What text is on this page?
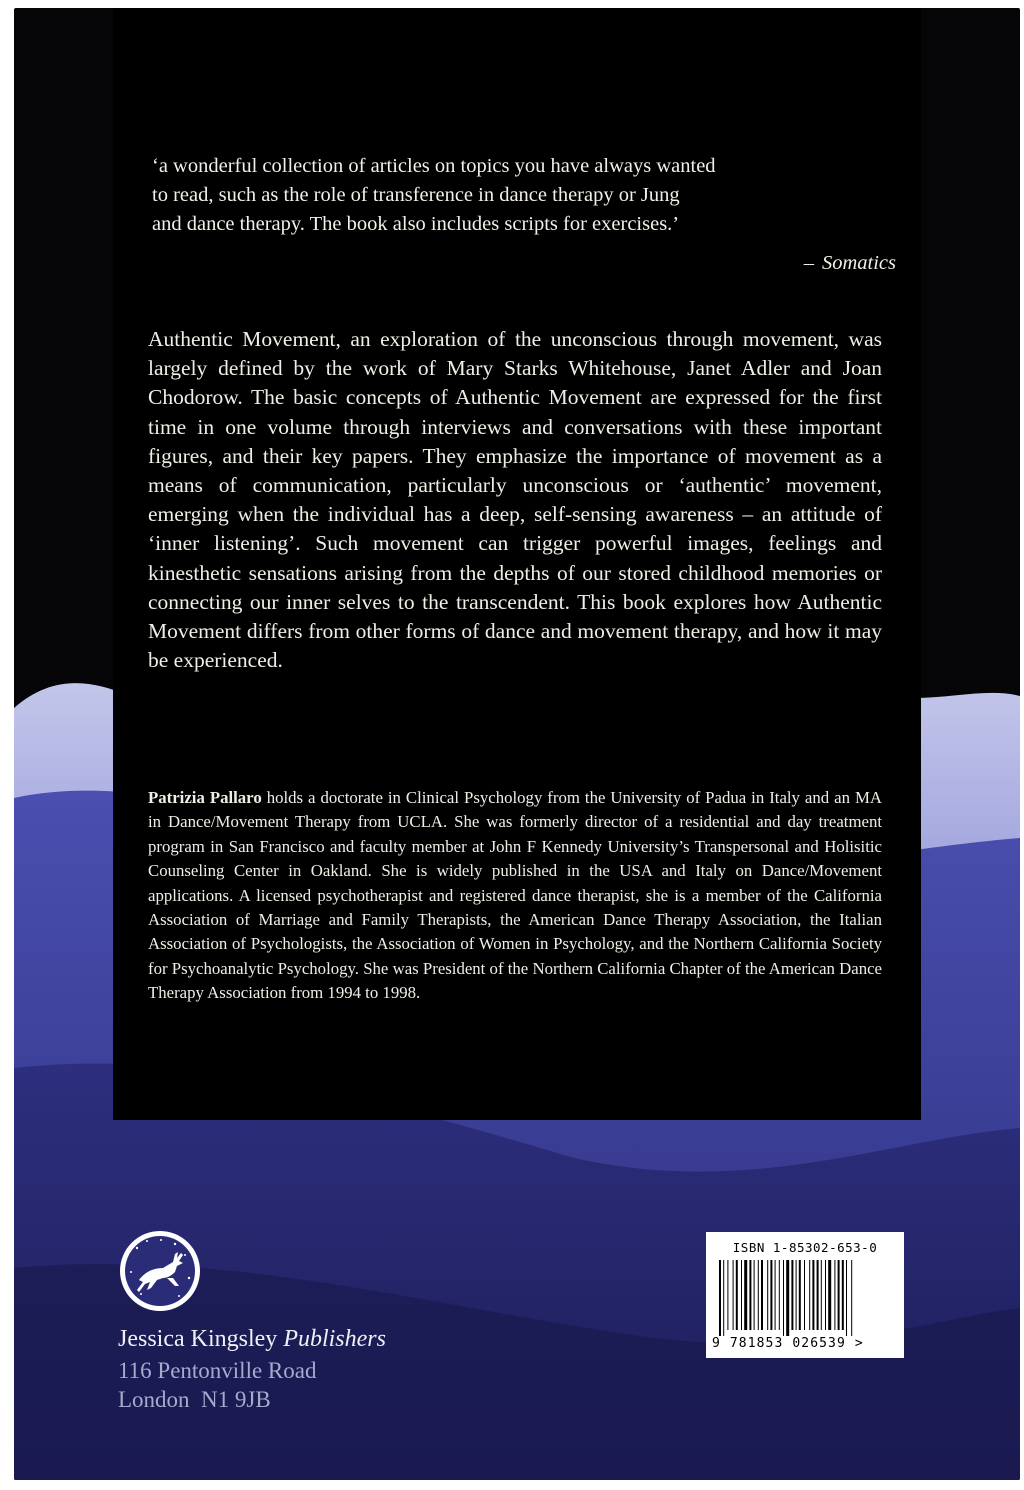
‘a wonderful collection of articles on topics you have always wanted

to read, such as the role of transference in dance therapy or Jung

and dance therapy. The book also includes scripts for exercises.’

– Somatics

Authentic Movement, an exploration of the unconscious through movement, was largely defined by the work of Mary Starks Whitehouse, Janet Adler and Joan Chodorow. The basic concepts of Authentic Movement are expressed for the first time in one volume through interviews and conversations with these important figures, and their key papers. They emphasize the importance of movement as a means of communication, particularly unconscious or ‘authentic’ movement, emerging when the individual has a deep, self-sensing awareness – an attitude of ‘inner listening’. Such movement can trigger powerful images, feelings and kinesthetic sensations arising from the depths of our stored childhood memories or connecting our inner selves to the transcendent. This book explores how Authentic Movement differs from other forms of dance and movement therapy, and how it may be experienced.

Patrizia Pallaro holds a doctorate in Clinical Psychology from the University of Padua in Italy and an MA in Dance/Movement Therapy from UCLA. She was formerly director of a residential and day treatment program in San Francisco and faculty member at John F Kennedy University’s Transpersonal and Holisitic Counseling Center in Oakland. She is widely published in the USA and Italy on Dance/Movement applications. A licensed psychotherapist and registered dance therapist, she is a member of the California Association of Marriage and Family Therapists, the American Dance Therapy Association, the Italian Association of Psychologists, the Association of Women in Psychology, and the Northern California Society for Psychoanalytic Psychology. She was President of the Northern California Chapter of the American Dance Therapy Association from 1994 to 1998.

Jessica Kingsley Publishers
116 Pentonville Road
London  N1 9JB
ISBN 1-85302-653-0
9 781853 026539 >
